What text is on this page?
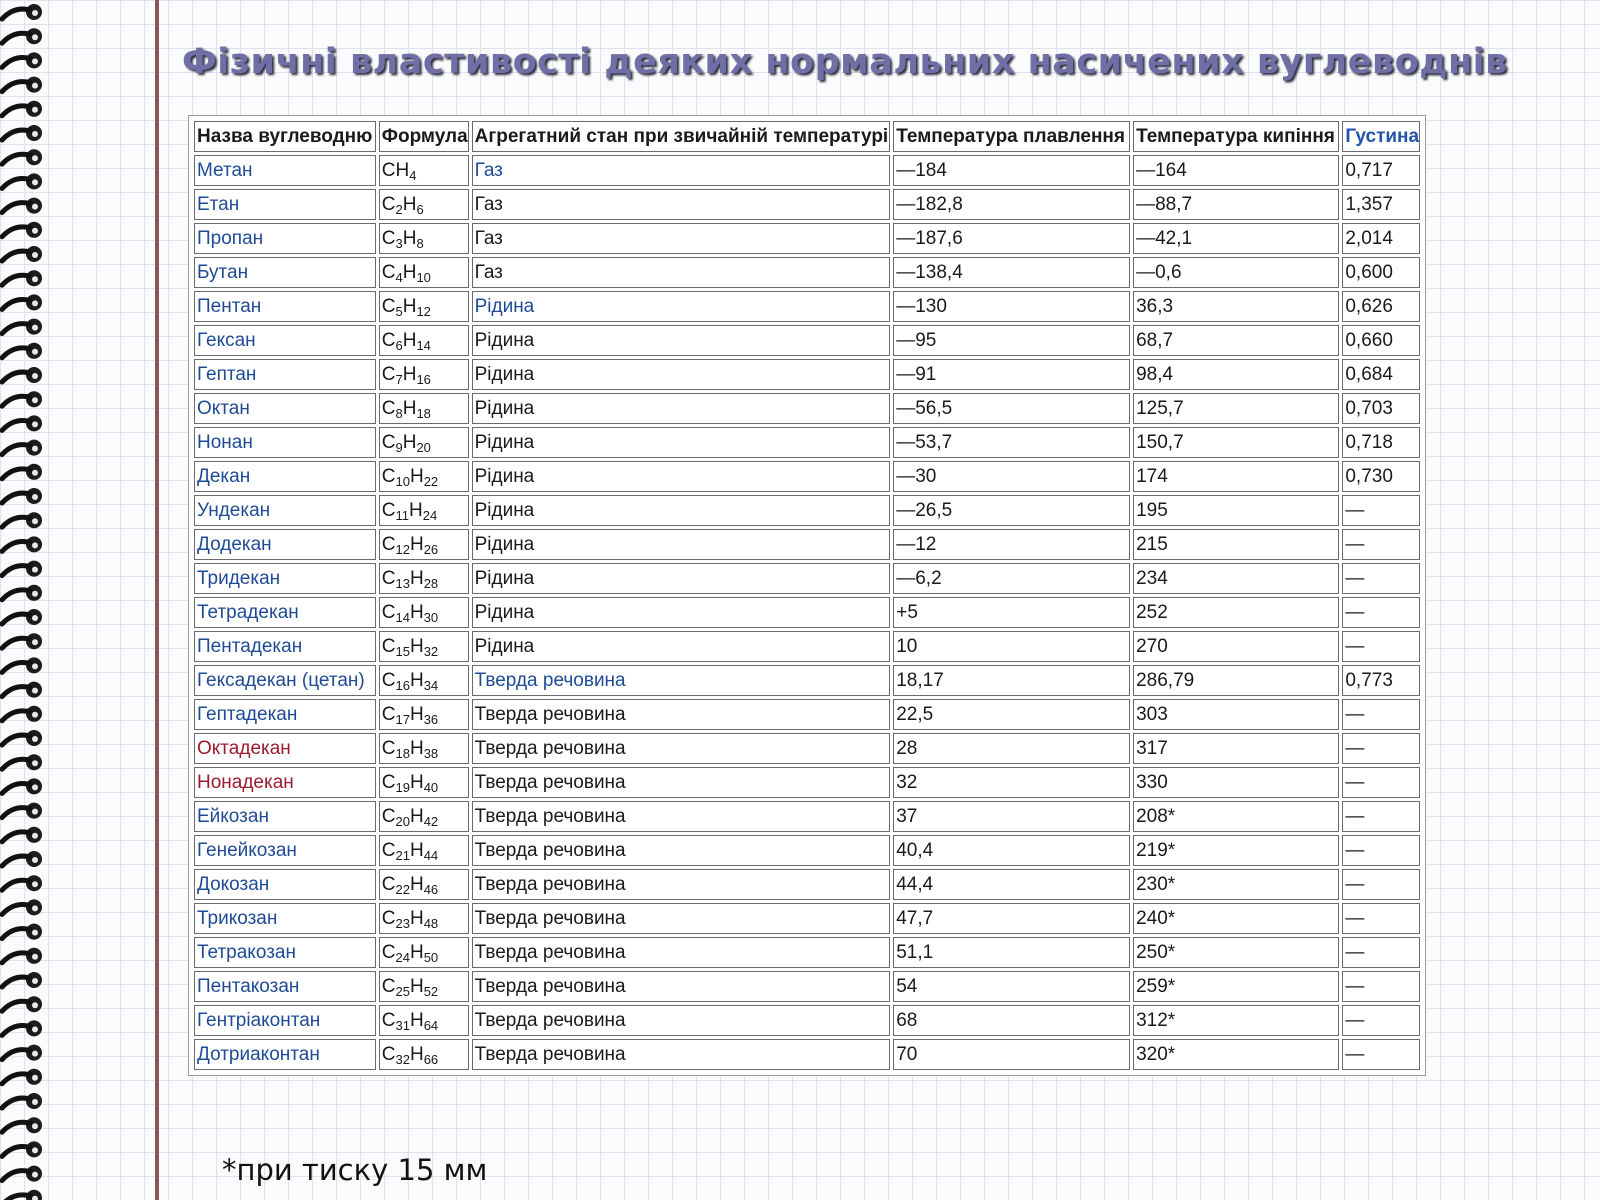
Фізичні властивості деяких нормальних насичених вуглеводнів
Назва вуглеводню	Формула	Агрегатний стан при звичайній температурі	Температура плавлення	Температура кипіння	Густина
Метан	$CH_4$	Газ	—184	—164	0,717
Етан	$C_2H_6$	Газ	—182,8	—88,7	1,357
Пропан	$C_3H_8$	Газ	—187,6	—42,1	2,014
Бутан	$C_4H_{10}$	Газ	—138,4	—0,6	0,600
Пентан	$C_5H_{12}$	Рідина	—130	36,3	0,626
Гексан	$C_6H_{14}$	Рідина	—95	68,7	0,660
Гептан	$C_7H_{16}$	Рідина	—91	98,4	0,684
Октан	$C_8H_{18}$	Рідина	—56,5	125,7	0,703
Нонан	$C_9H_{20}$	Рідина	—53,7	150,7	0,718
Декан	$C_{10}H_{22}$	Рідина	—30	174	0,730
Ундекан	$C_{11}H_{24}$	Рідина	—26,5	195	—
Додекан	$C_{12}H_{26}$	Рідина	—12	215	—
Тридекан	$C_{13}H_{28}$	Рідина	—6,2	234	—
Тетрадекан	$C_{14}H_{30}$	Рідина	+5	252	—
Пентадекан	$C_{15}H_{32}$	Рідина	10	270	—
Гексадекан (цетан)	$C_{16}H_{34}$	Тверда речовина	18,17	286,79	0,773
Гептадекан	$C_{17}H_{36}$	Тверда речовина	22,5	303	—
Октадекан	$C_{18}H_{38}$	Тверда речовина	28	317	—
Нонадекан	$C_{19}H_{40}$	Тверда речовина	32	330	—
Ейкозан	$C_{20}H_{42}$	Тверда речовина	37	208*	—
Генейкозан	$C_{21}H_{44}$	Тверда речовина	40,4	219*	—
Докозан	$C_{22}H_{46}$	Тверда речовина	44,4	230*	—
Трикозан	$C_{23}H_{48}$	Тверда речовина	47,7	240*	—
Тетракозан	$C_{24}H_{50}$	Тверда речовина	51,1	250*	—
Пентакозан	$C_{25}H_{52}$	Тверда речовина	54	259*	—
Гентріаконтан	$C_{31}H_{64}$	Тверда речовина	68	312*	—
Дотриаконтан	$C_{32}H_{66}$	Тверда речовина	70	320*	—
*при тиску 15 мм
